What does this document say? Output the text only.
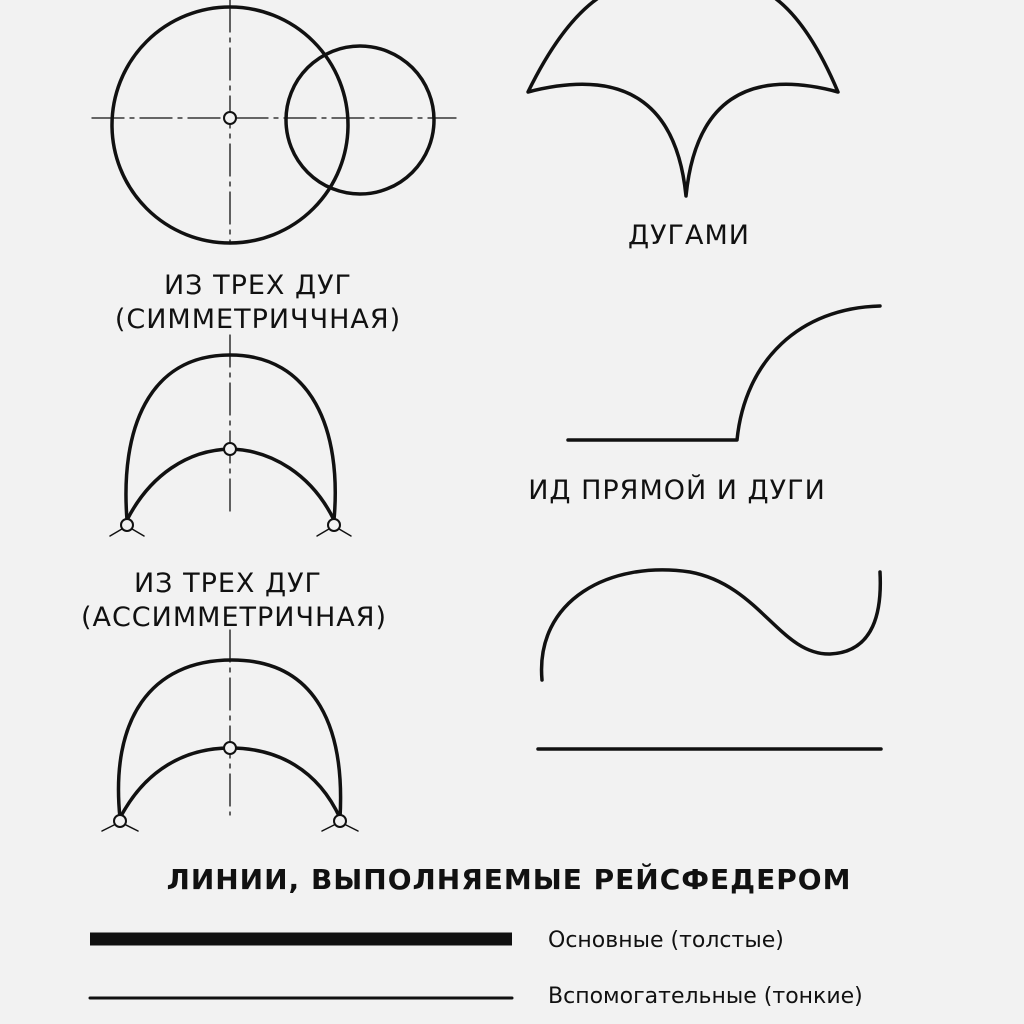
ДУГАМИ
ИЗ ТРЕХ ДУГ
(СИММЕТРИЧЧНАЯ)
ИД ПРЯМОЙ И ДУГИ
ИЗ ТРЕХ ДУГ
(АССИММЕТРИЧНАЯ)
ЛИНИИ, ВЫПОЛНЯЕМЫЕ РЕЙСФЕДЕРОМ
Основные (толстые)
Вспомогательные (тонкие)
